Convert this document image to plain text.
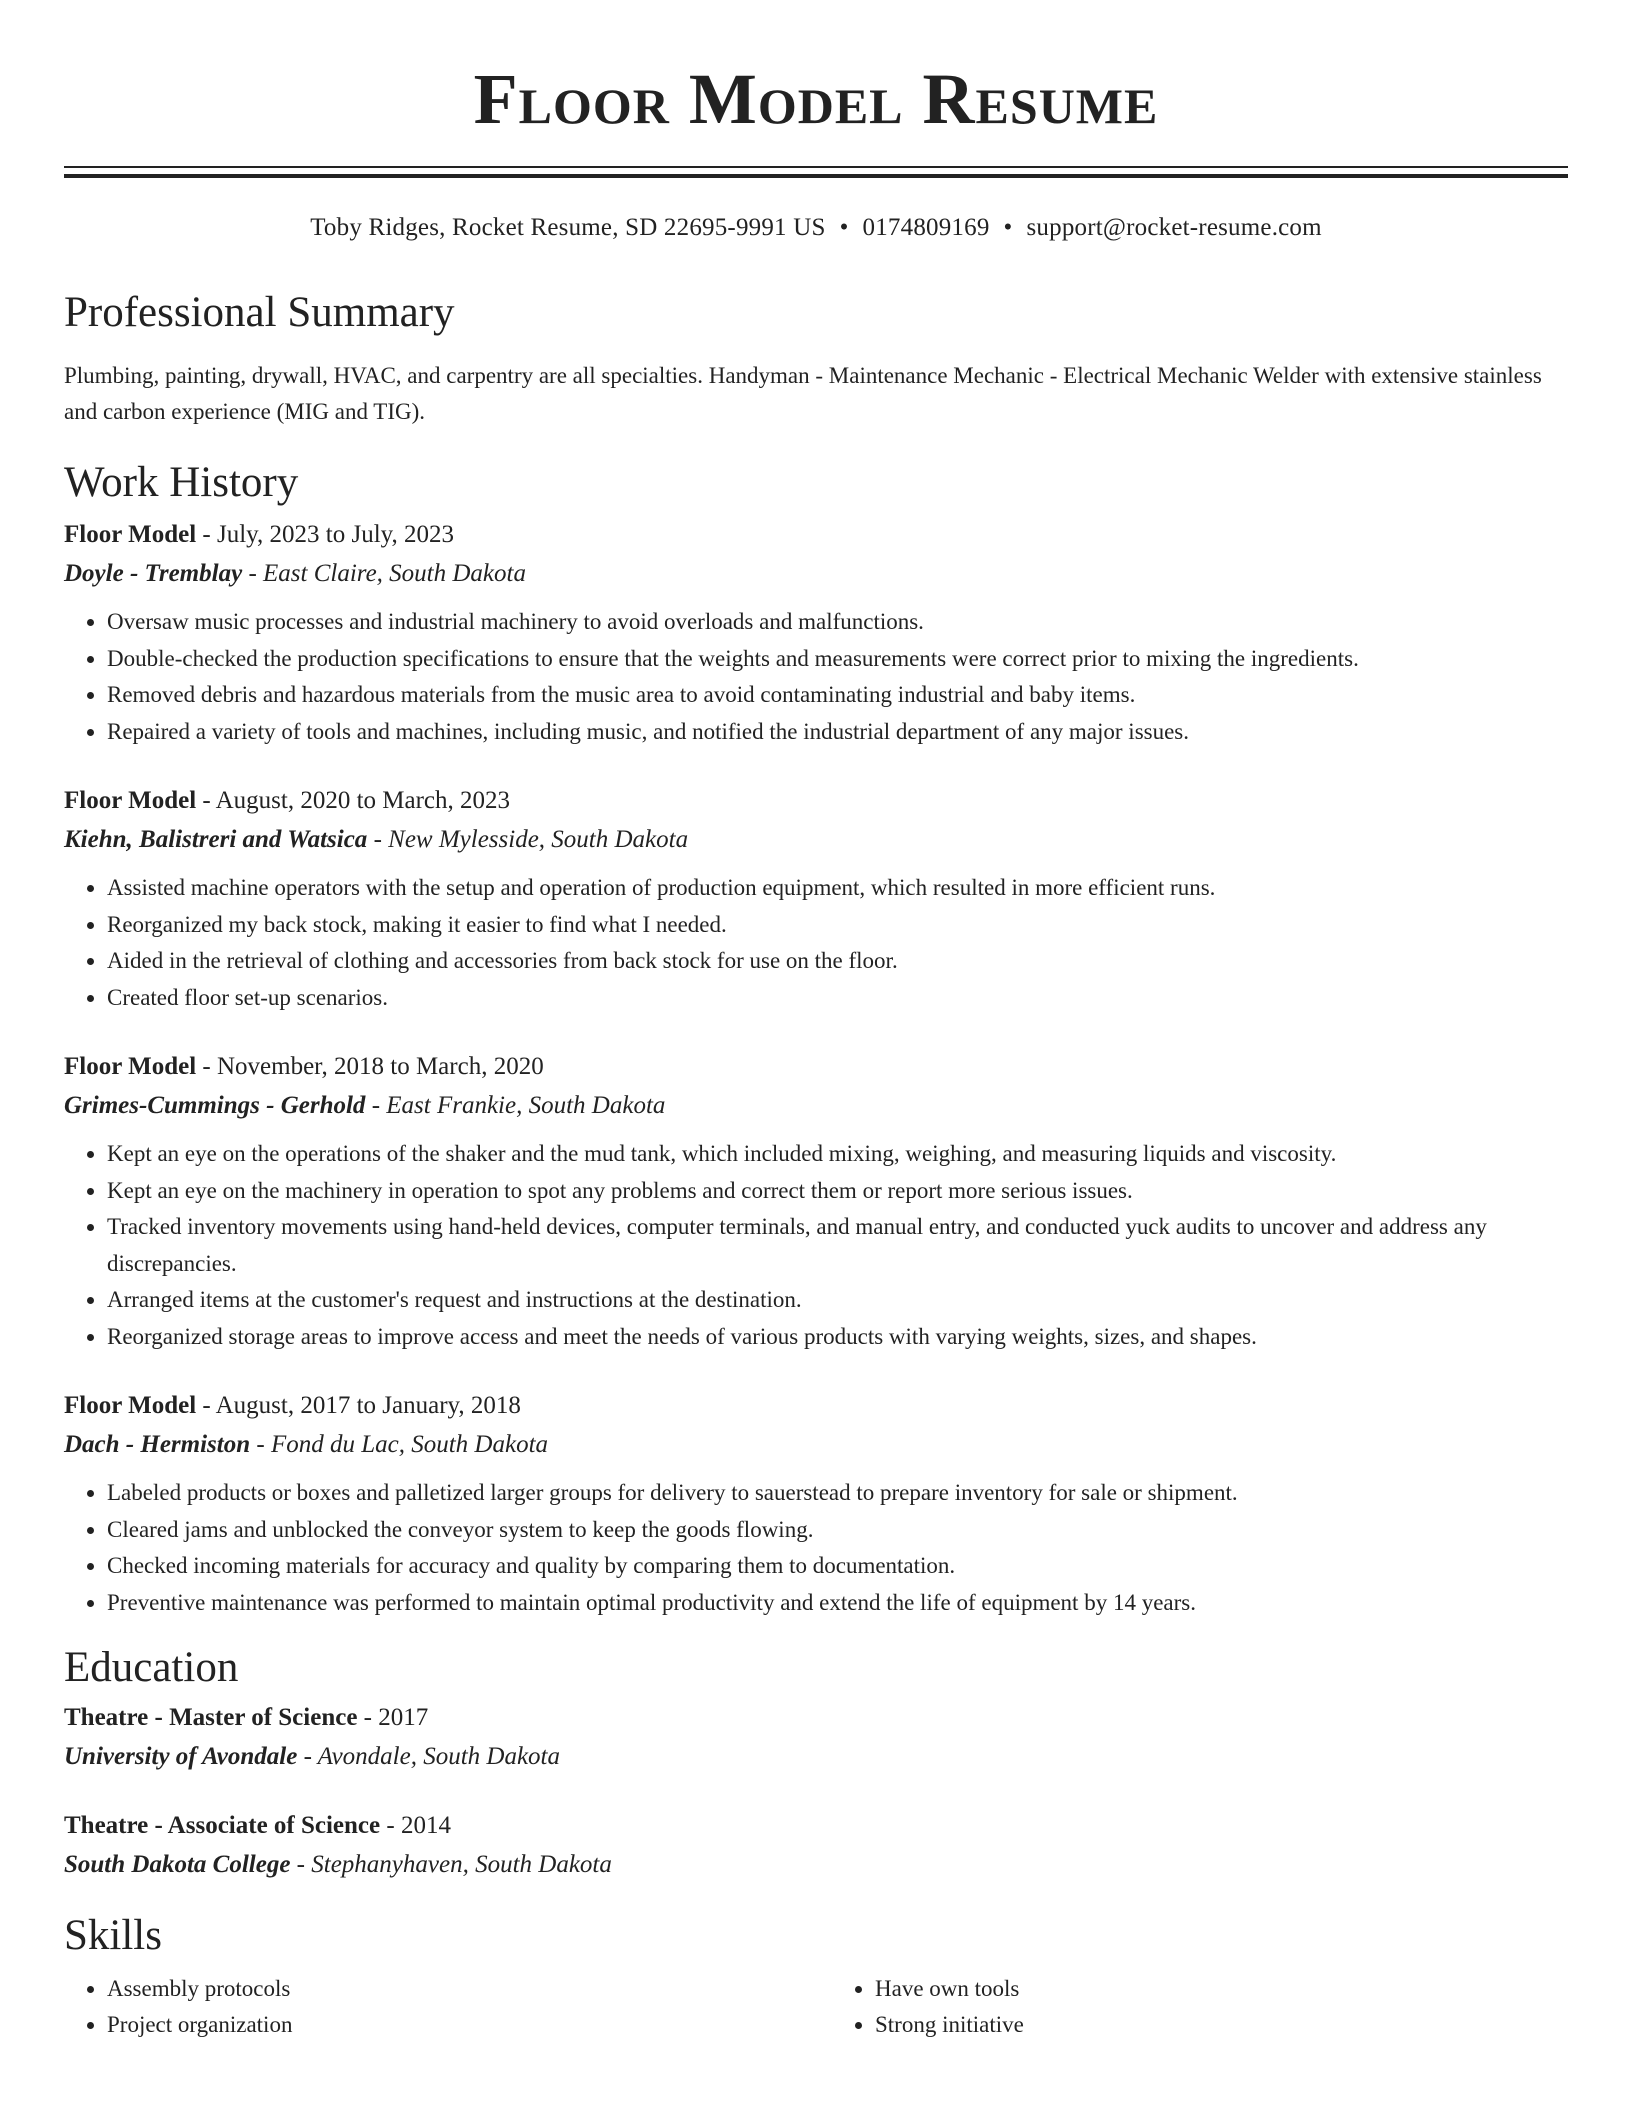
Floor Model Resume
Toby Ridges, Rocket Resume, SD 22695-9991 US • 0174809169 • support@rocket-resume.com
Professional Summary
Plumbing, painting, drywall, HVAC, and carpentry are all specialties. Handyman - Maintenance Mechanic - Electrical Mechanic Welder with extensive stainless and carbon experience (MIG and TIG).
Work History
Floor Model - July, 2023 to July, 2023
Doyle - Tremblay - East Claire, South Dakota
• Oversaw music processes and industrial machinery to avoid overloads and malfunctions.
• Double-checked the production specifications to ensure that the weights and measurements were correct prior to mixing the ingredients.
• Removed debris and hazardous materials from the music area to avoid contaminating industrial and baby items.
• Repaired a variety of tools and machines, including music, and notified the industrial department of any major issues.
Floor Model - August, 2020 to March, 2023
Kiehn, Balistreri and Watsica - New Mylesside, South Dakota
• Assisted machine operators with the setup and operation of production equipment, which resulted in more efficient runs.
• Reorganized my back stock, making it easier to find what I needed.
• Aided in the retrieval of clothing and accessories from back stock for use on the floor.
• Created floor set-up scenarios.
Floor Model - November, 2018 to March, 2020
Grimes-Cummings - Gerhold - East Frankie, South Dakota
• Kept an eye on the operations of the shaker and the mud tank, which included mixing, weighing, and measuring liquids and viscosity.
• Kept an eye on the machinery in operation to spot any problems and correct them or report more serious issues.
• Tracked inventory movements using hand-held devices, computer terminals, and manual entry, and conducted yuck audits to uncover and address any discrepancies.
• Arranged items at the customer's request and instructions at the destination.
• Reorganized storage areas to improve access and meet the needs of various products with varying weights, sizes, and shapes.
Floor Model - August, 2017 to January, 2018
Dach - Hermiston - Fond du Lac, South Dakota
• Labeled products or boxes and palletized larger groups for delivery to sauerstead to prepare inventory for sale or shipment.
• Cleared jams and unblocked the conveyor system to keep the goods flowing.
• Checked incoming materials for accuracy and quality by comparing them to documentation.
• Preventive maintenance was performed to maintain optimal productivity and extend the life of equipment by 14 years.
Education
Theatre - Master of Science - 2017
University of Avondale - Avondale, South Dakota
Theatre - Associate of Science - 2014
South Dakota College - Stephanyhaven, South Dakota
Skills
• Assembly protocols
• Project organization
• Have own tools
• Strong initiative
